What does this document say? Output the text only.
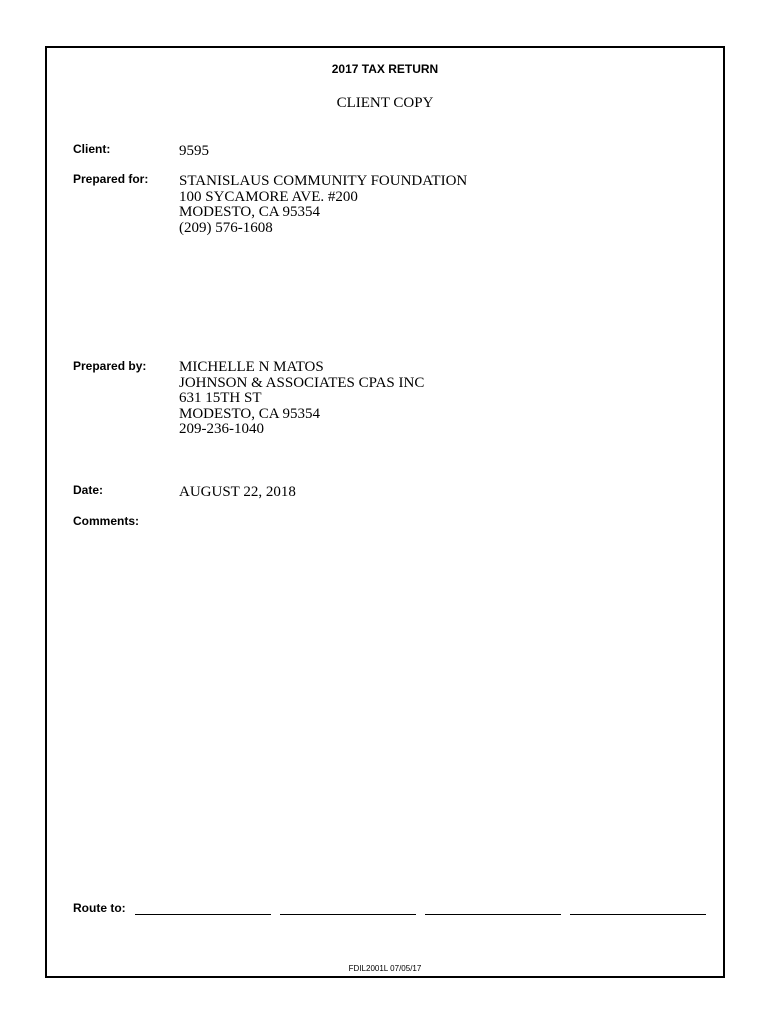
2017 TAX RETURN
CLIENT COPY
Client:	9595
Prepared for: STANISLAUS COMMUNITY FOUNDATION
100 SYCAMORE AVE. #200
MODESTO, CA 95354
(209) 576-1608
Prepared by: MICHELLE N MATOS
JOHNSON & ASSOCIATES CPAS INC
631 15TH ST
MODESTO, CA 95354
209-236-1040
Date:	AUGUST 22, 2018
Comments:
Route to:
FDIL2001L 07/05/17
